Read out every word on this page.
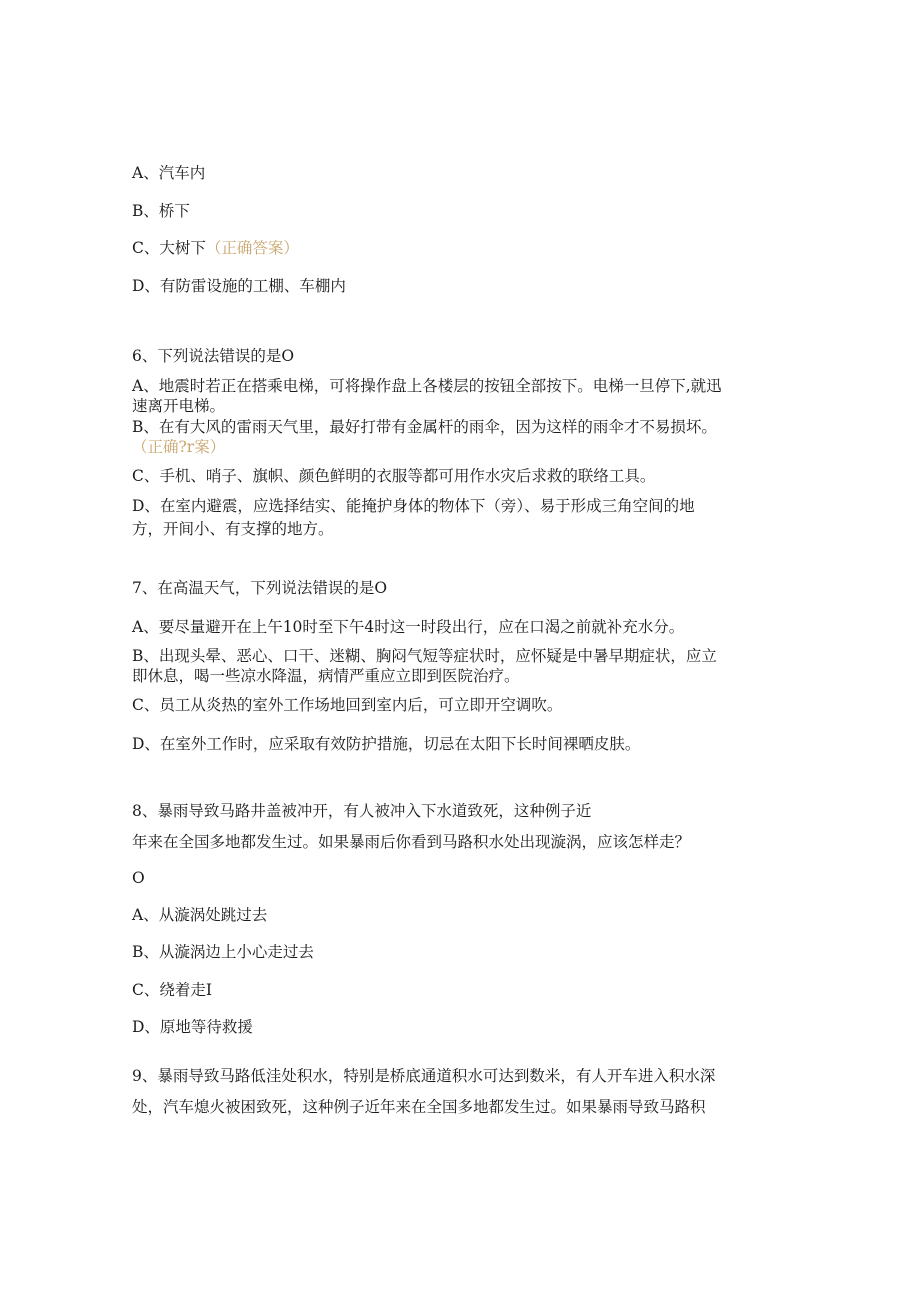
A、汽车内
B、桥下
C、大树下（正确答案）
D、有防雷设施的工棚、车棚内
6、下列说法错误的是O
A、地震时若正在搭乘电梯，可将操作盘上各楼层的按钮全部按下。电梯一旦停下,就迅
速离开电梯。
B、在有大风的雷雨天气里，最好打带有金属杆的雨伞，因为这样的雨伞才不易损坏。
（正确?r案）
C、手机、哨子、旗帜、颜色鲜明的衣服等都可用作水灾后求救的联络工具。
D、在室内避震，应选择结实、能掩护身体的物体下（旁）、易于形成三角空间的地
方，开间小、有支撑的地方。
7、在高温天气，下列说法错误的是O
A、要尽量避开在上午10时至下午4时这一时段出行，应在口渴之前就补充水分。
B、出现头晕、恶心、口干、迷糊、胸闷气短等症状时，应怀疑是中暑早期症状，应立
即休息，喝一些凉水降温，病情严重应立即到医院治疗。
C、员工从炎热的室外工作场地回到室内后，可立即开空调吹。
D、在室外工作时，应采取有效防护措施，切忌在太阳下长时间裸晒皮肤。
8、暴雨导致马路井盖被冲开，有人被冲入下水道致死，这种例子近
年来在全国多地都发生过。如果暴雨后你看到马路积水处出现漩涡，应该怎样走？
O
A、从漩涡处跳过去
B、从漩涡边上小心走过去
C、绕着走I
D、原地等待救援
9、暴雨导致马路低洼处积水，特别是桥底通道积水可达到数米，有人开车进入积水深
处，汽车熄火被困致死，这种例子近年来在全国多地都发生过。如果暴雨导致马路积
